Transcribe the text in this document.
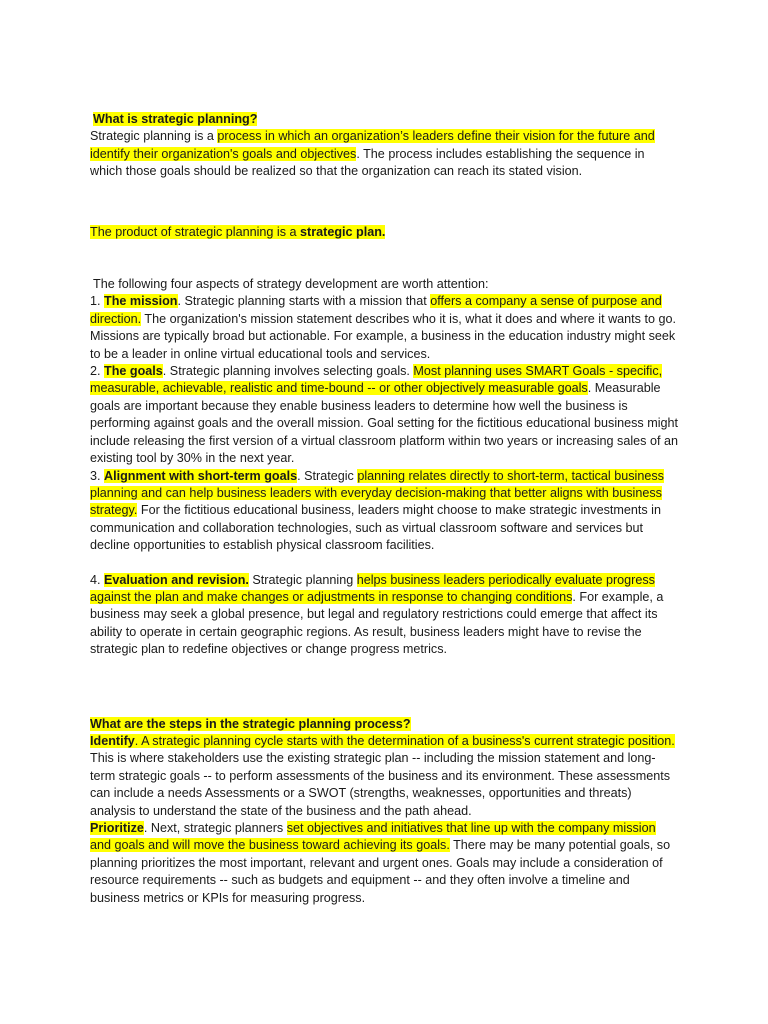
What is strategic planning?

Strategic planning is a process in which an organization’s leaders define their vision for the future and identify their organization's goals and objectives. The process includes establishing the sequence in which those goals should be realized so that the organization can reach its stated vision.

The product of strategic planning is a strategic plan.

The following four aspects of strategy development are worth attention:

1. The mission. Strategic planning starts with a mission that offers a company a sense of purpose and direction. The organization's mission statement describes who it is, what it does and where it wants to go. Missions are typically broad but actionable. For example, a business in the education industry might seek to be a leader in online virtual educational tools and services.

2. The goals. Strategic planning involves selecting goals. Most planning uses SMART Goals - specific, measurable, achievable, realistic and time-bound -- or other objectively measurable goals. Measurable goals are important because they enable business leaders to determine how well the business is performing against goals and the overall mission. Goal setting for the fictitious educational business might include releasing the first version of a virtual classroom platform within two years or increasing sales of an existing tool by 30% in the next year.

3. Alignment with short-term goals. Strategic planning relates directly to short-term, tactical business planning and can help business leaders with everyday decision-making that better aligns with business strategy. For the fictitious educational business, leaders might choose to make strategic investments in communication and collaboration technologies, such as virtual classroom software and services but decline opportunities to establish physical classroom facilities.

4. Evaluation and revision. Strategic planning helps business leaders periodically evaluate progress against the plan and make changes or adjustments in response to changing conditions. For example, a business may seek a global presence, but legal and regulatory restrictions could emerge that affect its ability to operate in certain geographic regions. As result, business leaders might have to revise the strategic plan to redefine objectives or change progress metrics.

What are the steps in the strategic planning process?

Identify. A strategic planning cycle starts with the determination of a business's current strategic position. This is where stakeholders use the existing strategic plan -- including the mission statement and long-term strategic goals -- to perform assessments of the business and its environment. These assessments can include a needs Assessments or a SWOT (strengths, weaknesses, opportunities and threats) analysis to understand the state of the business and the path ahead.

Prioritize. Next, strategic planners set objectives and initiatives that line up with the company mission and goals and will move the business toward achieving its goals. There may be many potential goals, so planning prioritizes the most important, relevant and urgent ones. Goals may include a consideration of resource requirements -- such as budgets and equipment -- and they often involve a timeline and business metrics or KPIs for measuring progress.
